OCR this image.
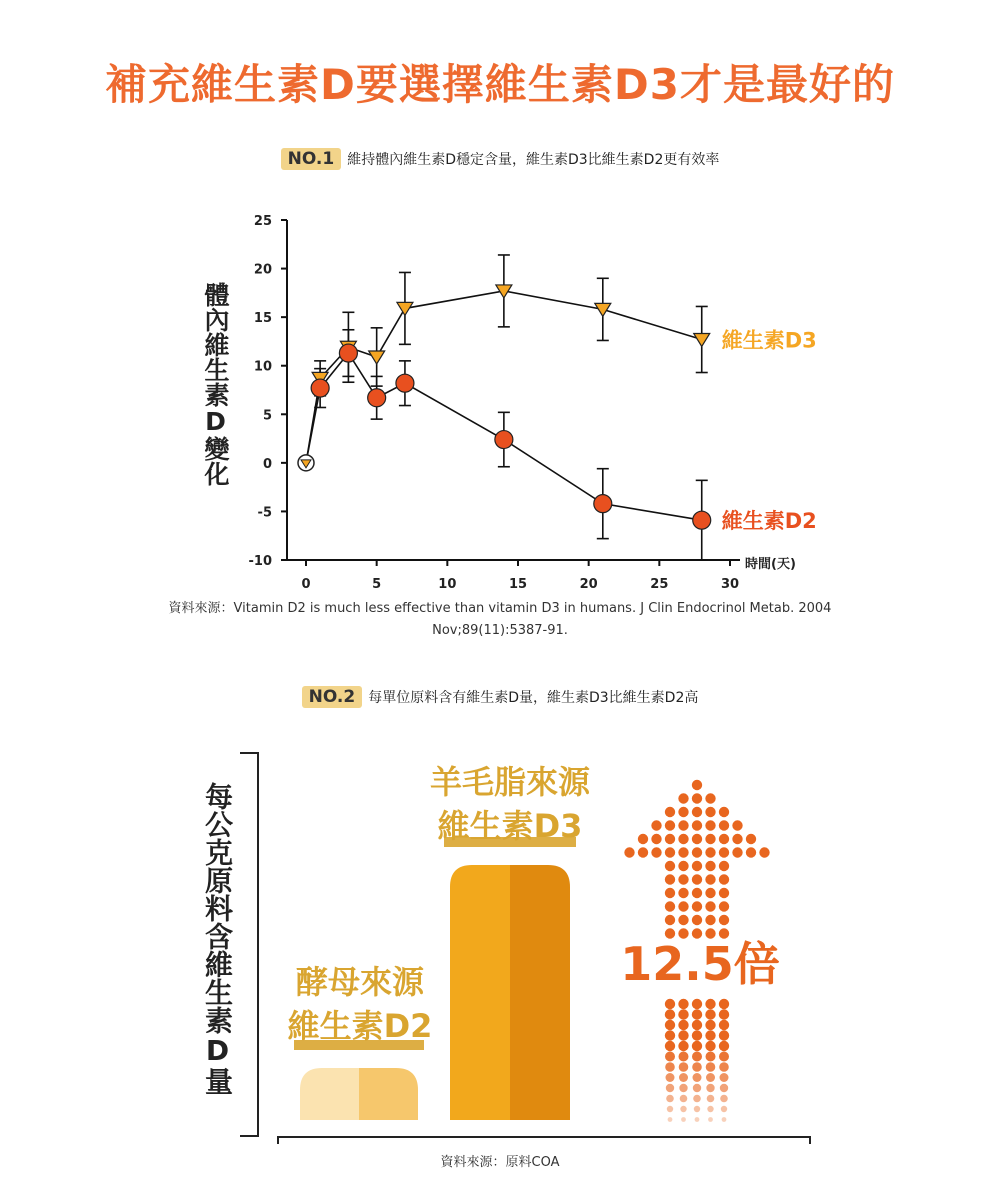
補充維生素D要選擇維生素D3才是最好的
NO.1 維持體內維生素D穩定含量，維生素D3比維生素D2更有效率
體內維生素D變化
25
20
15
10
5
0
-5
-10
0	5	10	15	20	25	30
時間(天)
維生素D3
維生素D2
資料來源：Vitamin D2 is much less effective than vitamin D3 in humans. J Clin Endocrinol Metab. 2004
Nov;89(11):5387-91.
NO.2 每單位原料含有維生素D量，維生素D3比維生素D2高
每公克原料含維生素D量	酵母來源
維生素D2
羊毛脂來源
維生素D3
12.5倍
資料來源：原料COA
